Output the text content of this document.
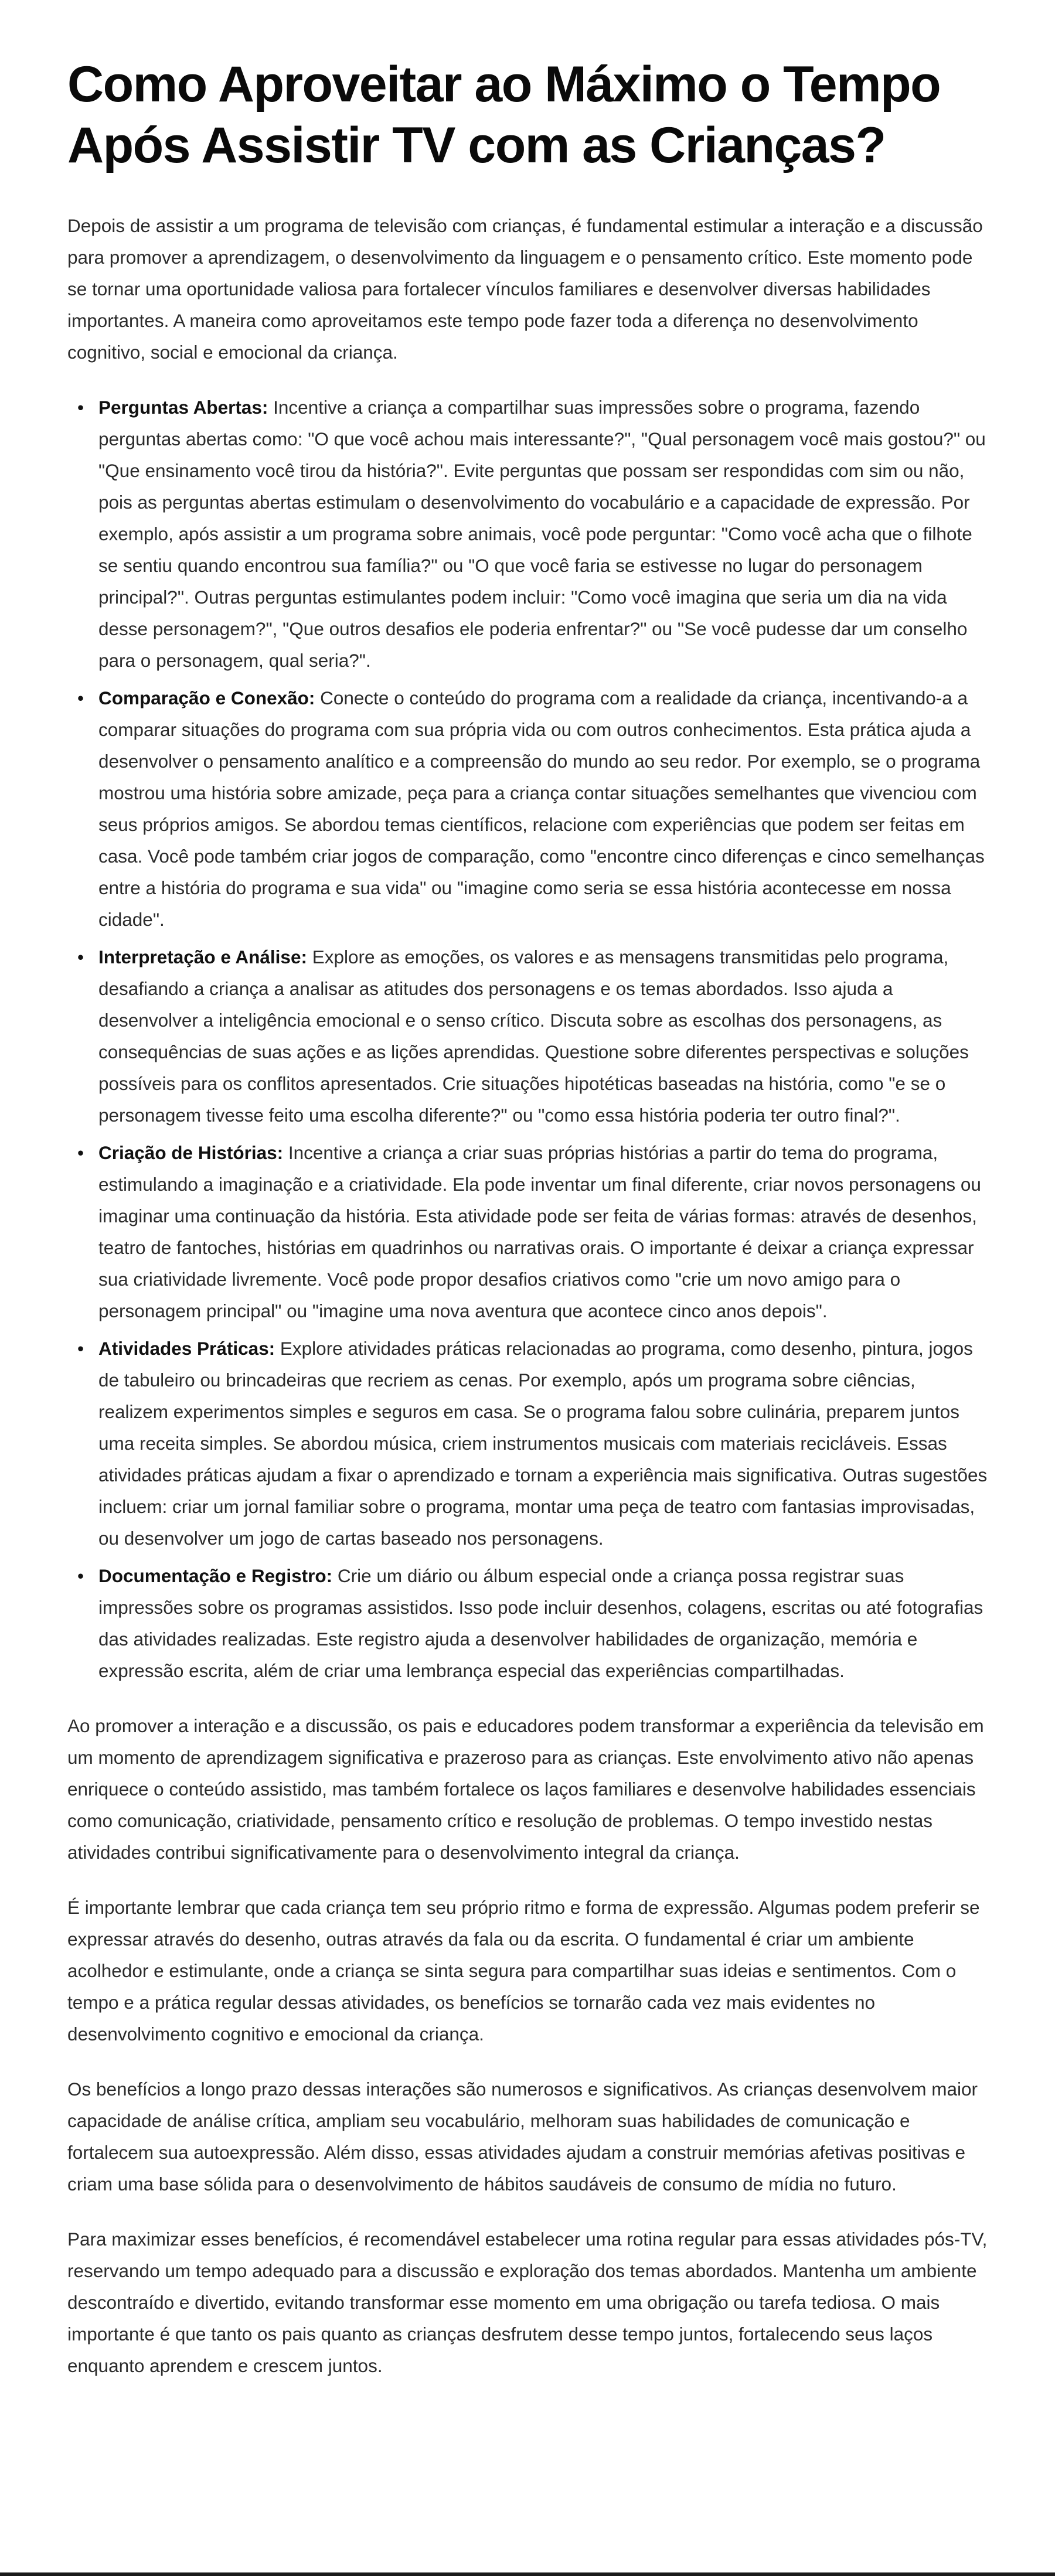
Como Aproveitar ao Máximo o Tempo Após Assistir TV com as Crianças?

Depois de assistir a um programa de televisão com crianças, é fundamental estimular a interação e a discussão para promover a aprendizagem, o desenvolvimento da linguagem e o pensamento crítico. Este momento pode se tornar uma oportunidade valiosa para fortalecer vínculos familiares e desenvolver diversas habilidades importantes. A maneira como aproveitamos este tempo pode fazer toda a diferença no desenvolvimento cognitivo, social e emocional da criança.

• Perguntas Abertas: Incentive a criança a compartilhar suas impressões sobre o programa, fazendo perguntas abertas como: "O que você achou mais interessante?", "Qual personagem você mais gostou?" ou "Que ensinamento você tirou da história?". Evite perguntas que possam ser respondidas com sim ou não, pois as perguntas abertas estimulam o desenvolvimento do vocabulário e a capacidade de expressão. Por exemplo, após assistir a um programa sobre animais, você pode perguntar: "Como você acha que o filhote se sentiu quando encontrou sua família?" ou "O que você faria se estivesse no lugar do personagem principal?". Outras perguntas estimulantes podem incluir: "Como você imagina que seria um dia na vida desse personagem?", "Que outros desafios ele poderia enfrentar?" ou "Se você pudesse dar um conselho para o personagem, qual seria?".
• Comparação e Conexão: Conecte o conteúdo do programa com a realidade da criança, incentivando-a a comparar situações do programa com sua própria vida ou com outros conhecimentos. Esta prática ajuda a desenvolver o pensamento analítico e a compreensão do mundo ao seu redor. Por exemplo, se o programa mostrou uma história sobre amizade, peça para a criança contar situações semelhantes que vivenciou com seus próprios amigos. Se abordou temas científicos, relacione com experiências que podem ser feitas em casa. Você pode também criar jogos de comparação, como "encontre cinco diferenças e cinco semelhanças entre a história do programa e sua vida" ou "imagine como seria se essa história acontecesse em nossa cidade".
• Interpretação e Análise: Explore as emoções, os valores e as mensagens transmitidas pelo programa, desafiando a criança a analisar as atitudes dos personagens e os temas abordados. Isso ajuda a desenvolver a inteligência emocional e o senso crítico. Discuta sobre as escolhas dos personagens, as consequências de suas ações e as lições aprendidas. Questione sobre diferentes perspectivas e soluções possíveis para os conflitos apresentados. Crie situações hipotéticas baseadas na história, como "e se o personagem tivesse feito uma escolha diferente?" ou "como essa história poderia ter outro final?".
• Criação de Histórias: Incentive a criança a criar suas próprias histórias a partir do tema do programa, estimulando a imaginação e a criatividade. Ela pode inventar um final diferente, criar novos personagens ou imaginar uma continuação da história. Esta atividade pode ser feita de várias formas: através de desenhos, teatro de fantoches, histórias em quadrinhos ou narrativas orais. O importante é deixar a criança expressar sua criatividade livremente. Você pode propor desafios criativos como "crie um novo amigo para o personagem principal" ou "imagine uma nova aventura que acontece cinco anos depois".
• Atividades Práticas: Explore atividades práticas relacionadas ao programa, como desenho, pintura, jogos de tabuleiro ou brincadeiras que recriem as cenas. Por exemplo, após um programa sobre ciências, realizem experimentos simples e seguros em casa. Se o programa falou sobre culinária, preparem juntos uma receita simples. Se abordou música, criem instrumentos musicais com materiais recicláveis. Essas atividades práticas ajudam a fixar o aprendizado e tornam a experiência mais significativa. Outras sugestões incluem: criar um jornal familiar sobre o programa, montar uma peça de teatro com fantasias improvisadas, ou desenvolver um jogo de cartas baseado nos personagens.
• Documentação e Registro: Crie um diário ou álbum especial onde a criança possa registrar suas impressões sobre os programas assistidos. Isso pode incluir desenhos, colagens, escritas ou até fotografias das atividades realizadas. Este registro ajuda a desenvolver habilidades de organização, memória e expressão escrita, além de criar uma lembrança especial das experiências compartilhadas.

Ao promover a interação e a discussão, os pais e educadores podem transformar a experiência da televisão em um momento de aprendizagem significativa e prazeroso para as crianças. Este envolvimento ativo não apenas enriquece o conteúdo assistido, mas também fortalece os laços familiares e desenvolve habilidades essenciais como comunicação, criatividade, pensamento crítico e resolução de problemas. O tempo investido nestas atividades contribui significativamente para o desenvolvimento integral da criança.

É importante lembrar que cada criança tem seu próprio ritmo e forma de expressão. Algumas podem preferir se expressar através do desenho, outras através da fala ou da escrita. O fundamental é criar um ambiente acolhedor e estimulante, onde a criança se sinta segura para compartilhar suas ideias e sentimentos. Com o tempo e a prática regular dessas atividades, os benefícios se tornarão cada vez mais evidentes no desenvolvimento cognitivo e emocional da criança.

Os benefícios a longo prazo dessas interações são numerosos e significativos. As crianças desenvolvem maior capacidade de análise crítica, ampliam seu vocabulário, melhoram suas habilidades de comunicação e fortalecem sua autoexpressão. Além disso, essas atividades ajudam a construir memórias afetivas positivas e criam uma base sólida para o desenvolvimento de hábitos saudáveis de consumo de mídia no futuro.

Para maximizar esses benefícios, é recomendável estabelecer uma rotina regular para essas atividades pós-TV, reservando um tempo adequado para a discussão e exploração dos temas abordados. Mantenha um ambiente descontraído e divertido, evitando transformar esse momento em uma obrigação ou tarefa tediosa. O mais importante é que tanto os pais quanto as crianças desfrutem desse tempo juntos, fortalecendo seus laços enquanto aprendem e crescem juntos.
